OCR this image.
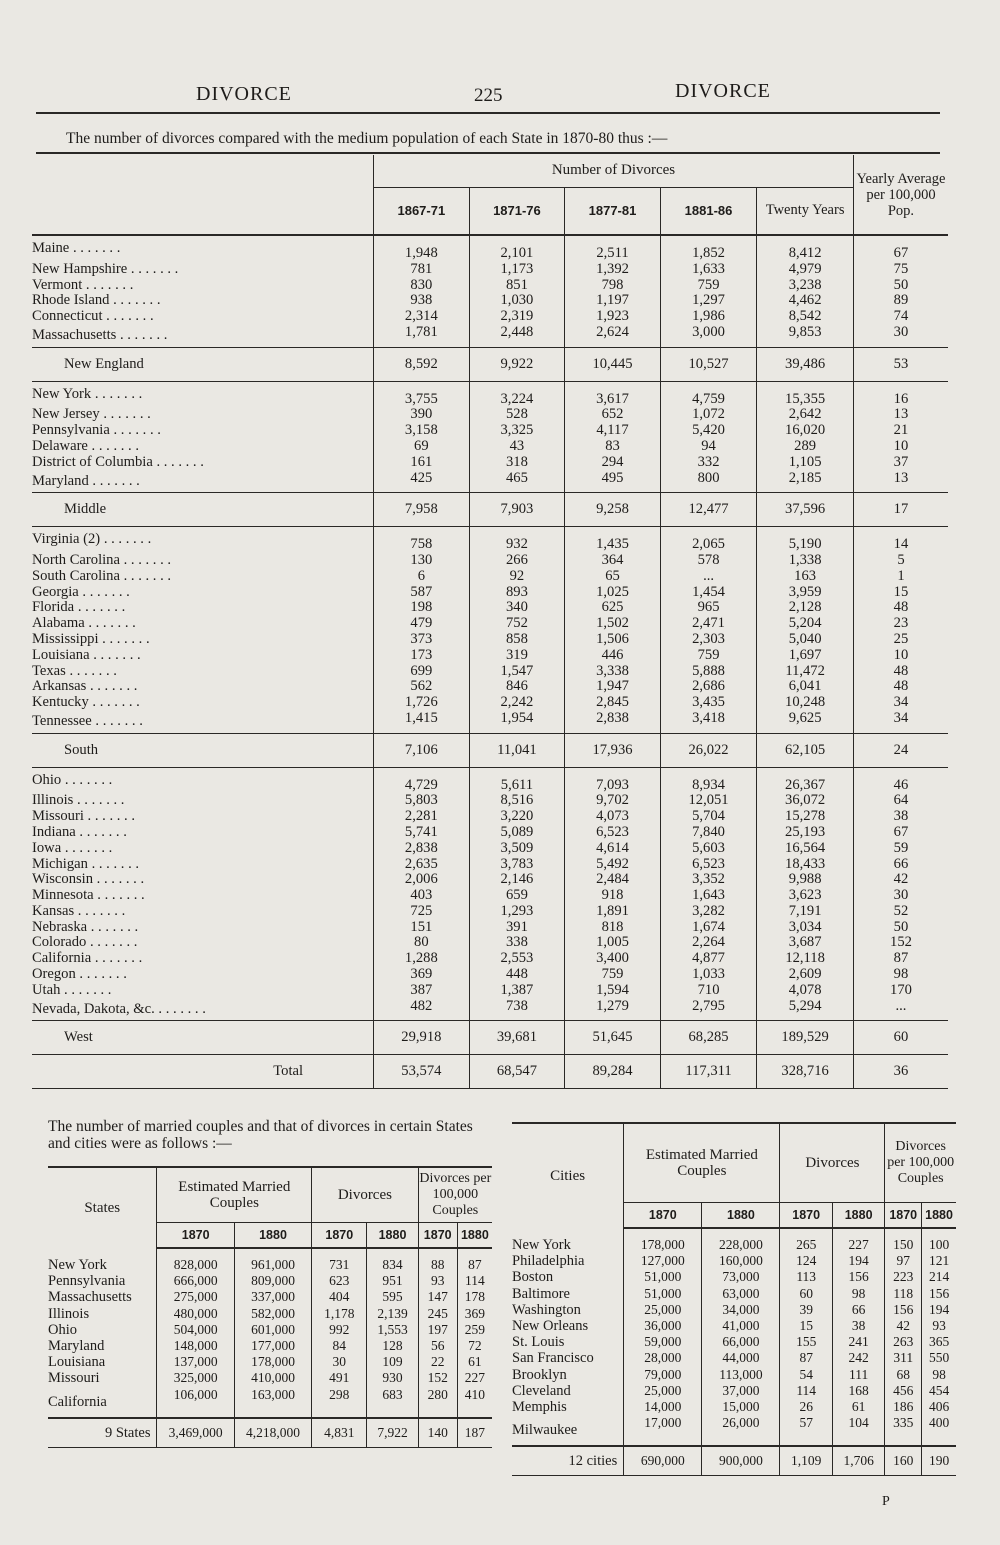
DIVORCE	225	DIVORCE
The number of divorces compared with the medium population of each State in 1870-80 thus :—
	Number of Divorces					Yearly Average per 100,000 Pop.
	1867-71	1871-76	1877-81	1881-86	Twenty Years	
Maine . . . . . . .	1,948	2,101	2,511	1,852	8,412	67
New Hampshire . . . . . . .	781	1,173	1,392	1,633	4,979	75
Vermont . . . . . . .	830	851	798	759	3,238	50
Rhode Island . . . . . . .	938	1,030	1,197	1,297	4,462	89
Connecticut . . . . . . .	2,314	2,319	1,923	1,986	8,542	74
Massachusetts . . . . . . .	1,781	2,448	2,624	3,000	9,853	30
New England	8,592	9,922	10,445	10,527	39,486	53
New York . . . . . . .	3,755	3,224	3,617	4,759	15,355	16
New Jersey . . . . . . .	390	528	652	1,072	2,642	13
Pennsylvania . . . . . . .	3,158	3,325	4,117	5,420	16,020	21
Delaware . . . . . . .	69	43	83	94	289	10
District of Columbia . . . . . . .	161	318	294	332	1,105	37
Maryland . . . . . . .	425	465	495	800	2,185	13
Middle	7,958	7,903	9,258	12,477	37,596	17
Virginia (2) . . . . . . .	758	932	1,435	2,065	5,190	14
North Carolina . . . . . . .	130	266	364	578	1,338	5
South Carolina . . . . . . .	6	92	65	...	163	1
Georgia . . . . . . .	587	893	1,025	1,454	3,959	15
Florida . . . . . . .	198	340	625	965	2,128	48
Alabama . . . . . . .	479	752	1,502	2,471	5,204	23
Mississippi . . . . . . .	373	858	1,506	2,303	5,040	25
Louisiana . . . . . . .	173	319	446	759	1,697	10
Texas . . . . . . .	699	1,547	3,338	5,888	11,472	48
Arkansas . . . . . . .	562	846	1,947	2,686	6,041	48
Kentucky . . . . . . .	1,726	2,242	2,845	3,435	10,248	34
Tennessee . . . . . . .	1,415	1,954	2,838	3,418	9,625	34
South	7,106	11,041	17,936	26,022	62,105	24
Ohio . . . . . . .	4,729	5,611	7,093	8,934	26,367	46
Illinois . . . . . . .	5,803	8,516	9,702	12,051	36,072	64
Missouri . . . . . . .	2,281	3,220	4,073	5,704	15,278	38
Indiana . . . . . . .	5,741	5,089	6,523	7,840	25,193	67
Iowa . . . . . . .	2,838	3,509	4,614	5,603	16,564	59
Michigan . . . . . . .	2,635	3,783	5,492	6,523	18,433	66
Wisconsin . . . . . . .	2,006	2,146	2,484	3,352	9,988	42
Minnesota . . . . . . .	403	659	918	1,643	3,623	30
Kansas . . . . . . .	725	1,293	1,891	3,282	7,191	52
Nebraska . . . . . . .	151	391	818	1,674	3,034	50
Colorado . . . . . . .	80	338	1,005	2,264	3,687	152
California . . . . . . .	1,288	2,553	3,400	4,877	12,118	87
Oregon . . . . . . .	369	448	759	1,033	2,609	98
Utah . . . . . . .	387	1,387	1,594	710	4,078	170
Nevada, Dakota, &c. . . . . . . .	482	738	1,279	2,795	5,294	...
West	29,918	39,681	51,645	68,285	189,529	60
Total	53,574	68,547	89,284	117,311	328,716	36
The number of married couples and that of divorces in certain States and cities were as follows :—
States	Estimated Married Couples		Divorces		Divorces per 100,000 Couples	
	1870	1880	1870	1880	1870	1880
New York	828,000	961,000	731	834	88	87
Pennsylvania	666,000	809,000	623	951	93	114
Massachusetts	275,000	337,000	404	595	147	178
Illinois	480,000	582,000	1,178	2,139	245	369
Ohio	504,000	601,000	992	1,553	197	259
Maryland	148,000	177,000	84	128	56	72
Louisiana	137,000	178,000	30	109	22	61
Missouri	325,000	410,000	491	930	152	227
California	106,000	163,000	298	683	280	410
9 States	3,469,000	4,218,000	4,831	7,922	140	187
Cities	Estimated Married Couples		Divorces		Divorces per 100,000 Couples	
	1870	1880	1870	1880	1870	1880
New York	178,000	228,000	265	227	150	100
Philadelphia	127,000	160,000	124	194	97	121
Boston	51,000	73,000	113	156	223	214
Baltimore	51,000	63,000	60	98	118	156
Washington	25,000	34,000	39	66	156	194
New Orleans	36,000	41,000	15	38	42	93
St. Louis	59,000	66,000	155	241	263	365
San Francisco	28,000	44,000	87	242	311	550
Brooklyn	79,000	113,000	54	111	68	98
Cleveland	25,000	37,000	114	168	456	454
Memphis	14,000	15,000	26	61	186	406
Milwaukee	17,000	26,000	57	104	335	400
12 cities	690,000	900,000	1,109	1,706	160	190
P
